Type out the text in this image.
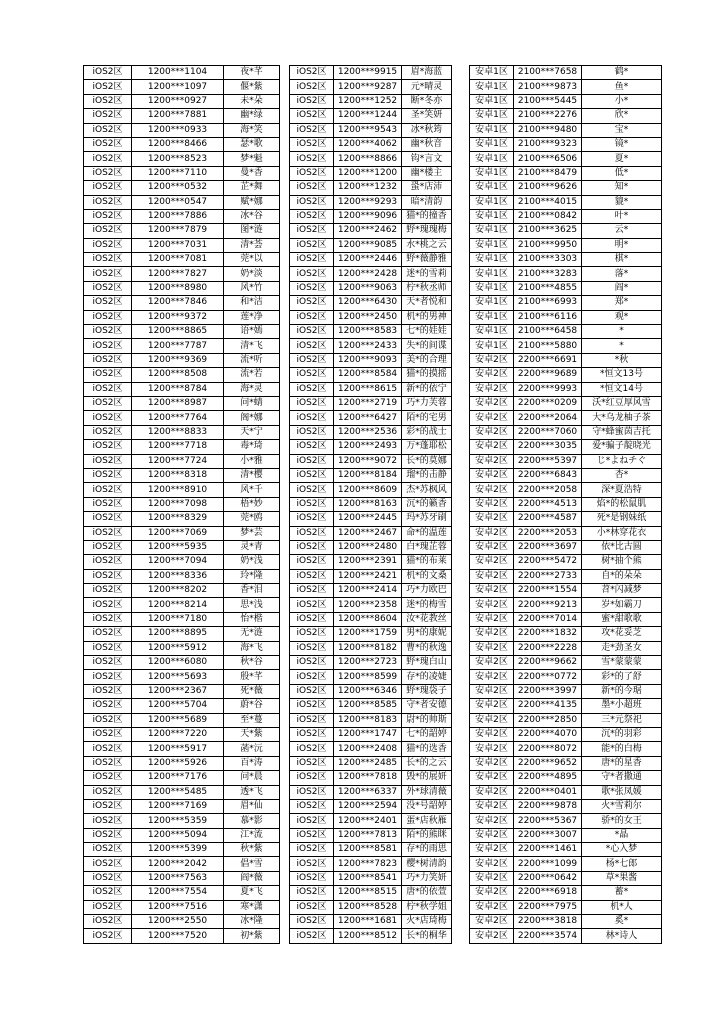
iOS2区	1200***1104	夜*芊
iOS2区	1200***1097	偃*紫
iOS2区	1200***0927	未*朵
iOS2区	1200***7881	幽*绿
iOS2区	1200***0933	海*笑
iOS2区	1200***8466	瑟*歌
iOS2区	1200***8523	梦*魁
iOS2区	1200***7110	曼*香
iOS2区	1200***0532	芷*舞
iOS2区	1200***0547	赋*娜
iOS2区	1200***7886	冰*谷
iOS2区	1200***7879	图*涟
iOS2区	1200***7031	清*荟
iOS2区	1200***7081	莞*以
iOS2区	1200***7827	奶*淡
iOS2区	1200***8980	风*竹
iOS2区	1200***7846	和*洁
iOS2区	1200***9372	莲*净
iOS2区	1200***8865	语*嫣
iOS2区	1200***7787	清*飞
iOS2区	1200***9369	流*听
iOS2区	1200***8508	流*若
iOS2区	1200***8784	海*灵
iOS2区	1200***8987	问*蜻
iOS2区	1200***7764	阁*娜
iOS2区	1200***8833	天*宁
iOS2区	1200***7718	毒*琦
iOS2区	1200***7724	小*雅
iOS2区	1200***8318	清*樱
iOS2区	1200***8910	风*千
iOS2区	1200***7098	梧*妙
iOS2区	1200***8329	莞*鸥
iOS2区	1200***7069	梦*芸
iOS2区	1200***5935	灵*青
iOS2区	1200***7094	奶*浅
iOS2区	1200***8336	玲*隆
iOS2区	1200***8202	香*泪
iOS2区	1200***8214	思*浅
iOS2区	1200***7180	怡*楷
iOS2区	1200***8895	无*涟
iOS2区	1200***5912	海*飞
iOS2区	1200***6080	秋*谷
iOS2区	1200***5693	殷*芊
iOS2区	1200***2367	死*薇
iOS2区	1200***5704	蔚*谷
iOS2区	1200***5689	至*蔓
iOS2区	1200***7220	天*紫
iOS2区	1200***5917	菡*沅
iOS2区	1200***5926	百*涛
iOS2区	1200***7176	问*晨
iOS2区	1200***5485	透*飞
iOS2区	1200***7169	眉*仙
iOS2区	1200***5359	慕*影
iOS2区	1200***5094	江*流
iOS2区	1200***5399	秋*紫
iOS2区	1200***2042	倡*雪
iOS2区	1200***7563	阎*薇
iOS2区	1200***7554	夏*飞
iOS2区	1200***7516	寒*潇
iOS2区	1200***2550	冰*隆
iOS2区	1200***7520	初*紫
iOS2区	1200***9915	眉*海蓝
iOS2区	1200***9287	元*晴灵
iOS2区	1200***1252	断*冬亦
iOS2区	1200***1244	圣*笑妍
iOS2区	1200***9543	冰*秋筠
iOS2区	1200***4062	幽*秋音
iOS2区	1200***8866	钩*言文
iOS2区	1200***1200	幽*楼主
iOS2区	1200***1232	蛩*店沛
iOS2区	1200***9293	暗*清韵
iOS2区	1200***9096	猫*的撞香
iOS2区	1200***2462	野*瑰瑰梅
iOS2区	1200***9085	水*桃之云
iOS2区	1200***2446	野*薇静雅
iOS2区	1200***2428	迷*的雪莉
iOS2区	1200***9063	柠*秋丞师
iOS2区	1200***6430	天*者悦和
iOS2区	1200***2450	机*的男神
iOS2区	1200***8583	七*的娃娃
iOS2区	1200***2433	失*的间谍
iOS2区	1200***9093	美*的合理
iOS2区	1200***8584	猫*的摸摇
iOS2区	1200***8615	新*的依宁
iOS2区	1200***2719	巧*力芙蓉
iOS2区	1200***6427	陌*的宅男
iOS2区	1200***2536	彩*的战士
iOS2区	1200***2493	万*蓬耶松
iOS2区	1200***9072	长*的莫娜
iOS2区	1200***8184	瑠*的击静
iOS2区	1200***8609	杰*苏枫风
iOS2区	1200***8163	沉*的籁香
iOS2区	1200***2445	玛*苏牙刷
iOS2区	1200***2467	命*的温莲
iOS2区	1200***2480	白*瑰芷蓉
iOS2区	1200***2391	猫*的布莱
iOS2区	1200***2421	机*的文桑
iOS2区	1200***2414	巧*力欧巴
iOS2区	1200***2358	迷*的梅雪
iOS2区	1200***8604	汝*花教丝
iOS2区	1200***1759	男*的康妮
iOS2区	1200***8182	曹*的秋逸
iOS2区	1200***2723	野*瑰白山
iOS2区	1200***8599	存*的凌婕
iOS2区	1200***6346	野*瑰袋子
iOS2区	1200***8585	守*者安德
iOS2区	1200***8183	尉*的帅斯
iOS2区	1200***1747	七*的韶婷
iOS2区	1200***2408	猫*的选香
iOS2区	1200***2485	长*的之云
iOS2区	1200***7818	毁*的展妍
iOS2区	1200***6337	外*球清薇
iOS2区	1200***2594	没*号韶婷
iOS2区	1200***2401	蛋*店秋雁
iOS2区	1200***7813	陌*的熊眯
iOS2区	1200***8581	存*的雨思
iOS2区	1200***7823	樱*树清韵
iOS2区	1200***8541	巧*力笑妍
iOS2区	1200***8515	唐*的依萱
iOS2区	1200***8528	柠*秋学姐
iOS2区	1200***1681	火*店琦梅
iOS2区	1200***8512	长*的桐华
安卓1区	2100***7658	鹤*
安卓1区	2100***9873	鱼*
安卓1区	2100***5445	小*
安卓1区	2100***2276	欣*
安卓1区	2100***9480	宝*
安卓1区	2100***9323	镜*
安卓1区	2100***6506	夏*
安卓1区	2100***8479	低*
安卓1区	2100***9626	知*
安卓1区	2100***4015	貔*
安卓1区	2100***0842	叶*
安卓1区	2100***3625	云*
安卓1区	2100***9950	明*
安卓1区	2100***3303	棋*
安卓1区	2100***3283	落*
安卓1区	2100***4855	阎*
安卓1区	2100***6993	郑*
安卓1区	2100***6116	观*
安卓1区	2100***6458	*
安卓1区	2100***5880	*
安卓2区	2200***6691	*秋
安卓2区	2200***9689	*恒文13号
安卓2区	2200***9993	*恒文14号
安卓2区	2200***0209	沃*红豆厚风雪
安卓2区	2200***2064	大*乌龙柚子茶
安卓2区	2200***7060	守*蜂蜜茵吉托
安卓2区	2200***3035	爱*骗子靛晓光
安卓2区	2200***5397	じ*よねチぐ
安卓2区	2200***6843	杏*
安卓2区	2200***2058	深*夏浩特
安卓2区	2200***4513	焰*的松鼠肌
安卓2区	2200***4587	死*是钢妹纸
安卓2区	2200***2053	小*林穿花衣
安卓2区	2200***3697	依*比古圆
安卓2区	2200***5472	树*抽个熊
安卓2区	2200***2733	自*的朵朵
安卓2区	2200***1554	苕*闪减梦
安卓2区	2200***9213	岁*如霸刀
安卓2区	2200***7014	蜜*甜歌歌
安卓2区	2200***1832	攻*花妥芝
安卓2区	2200***2228	走*劲圣女
安卓2区	2200***9662	雪*蒙蒙蒙
安卓2区	2200***0772	彩*的了舒
安卓2区	2200***3997	新*的今琚
安卓2区	2200***4135	墨*小超班
安卓2区	2200***2850	三*元祭祀
安卓2区	2200***4070	沉*的羽彩
安卓2区	2200***8072	能*的白梅
安卓2区	2200***9652	唐*的星香
安卓2区	2200***4895	守*者撒通
安卓2区	2200***0401	歌*张凤媛
安卓2区	2200***9878	火*雪莉尔
安卓2区	2200***5367	骄*的女王
安卓2区	2200***3007	*晶
安卓2区	2200***1461	*心入梦
安卓2区	2200***1099	杨*七郎
安卓2区	2200***0642	草*果酱
安卓2区	2200***6918	蓄*
安卓2区	2200***7975	机*人
安卓2区	2200***3818	奚*
安卓2区	2200***3574	林*诗人
